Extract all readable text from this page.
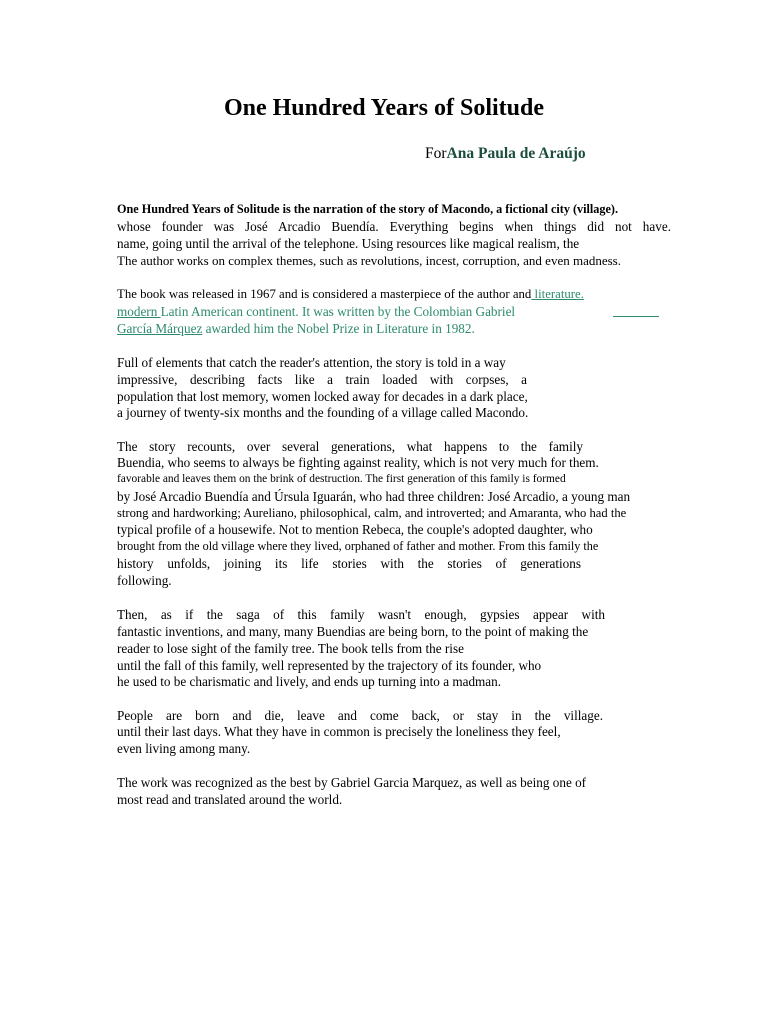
One Hundred Years of Solitude
ForAna Paula de Araújo
One Hundred Years of Solitude is the narration of the story of Macondo, a fictional city (village).
whose founder was José Arcadio Buendía. Everything begins when things did not have.
name, going until the arrival of the telephone. Using resources like magical realism, the
The author works on complex themes, such as revolutions, incest, corruption, and even madness.
The book was released in 1967 and is considered a masterpiece of the author and literature.
modern Latin American continent. It was written by the Colombian Gabriel
García Márquez awarded him the Nobel Prize in Literature in 1982.
Full of elements that catch the reader's attention, the story is told in a way
impressive, describing facts like a train loaded with corpses, a
population that lost memory, women locked away for decades in a dark place,
a journey of twenty-six months and the founding of a village called Macondo.
The story recounts, over several generations, what happens to the family
Buendia, who seems to always be fighting against reality, which is not very much for them.
favorable and leaves them on the brink of destruction. The first generation of this family is formed
by José Arcadio Buendía and Úrsula Iguarán, who had three children: José Arcadio, a young man
strong and hardworking; Aureliano, philosophical, calm, and introverted; and Amaranta, who had the
typical profile of a housewife. Not to mention Rebeca, the couple's adopted daughter, who
brought from the old village where they lived, orphaned of father and mother. From this family the
history unfolds, joining its life stories with the stories of generations
following.
Then, as if the saga of this family wasn't enough, gypsies appear with
fantastic inventions, and many, many Buendias are being born, to the point of making the
reader to lose sight of the family tree. The book tells from the rise
until the fall of this family, well represented by the trajectory of its founder, who
he used to be charismatic and lively, and ends up turning into a madman.
People are born and die, leave and come back, or stay in the village.
until their last days. What they have in common is precisely the loneliness they feel,
even living among many.
The work was recognized as the best by Gabriel Garcia Marquez, as well as being one of
most read and translated around the world.
